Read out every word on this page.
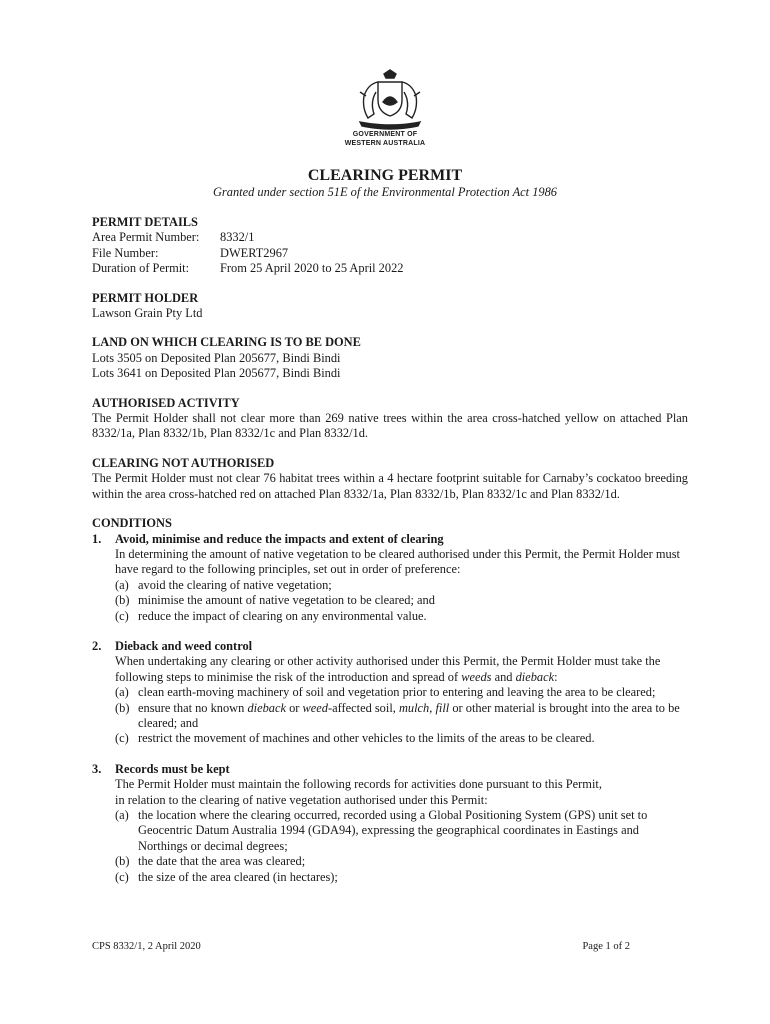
GOVERNMENT OF
WESTERN AUSTRALIA
CLEARING PERMIT
Granted under section 51E of the Environmental Protection Act 1986
PERMIT DETAILS
Area Permit Number:	8332/1
File Number:	DWERT2967
Duration of Permit:	From 25 April 2020 to 25 April 2022
PERMIT HOLDER

Lawson Grain Pty Ltd

LAND ON WHICH CLEARING IS TO BE DONE

Lots 3505 on Deposited Plan 205677, Bindi Bindi

Lots 3641 on Deposited Plan 205677, Bindi Bindi

AUTHORISED ACTIVITY

The Permit Holder shall not clear more than 269 native trees within the area cross-hatched yellow on attached Plan 8332/1a, Plan 8332/1b, Plan 8332/1c and Plan 8332/1d.

CLEARING NOT AUTHORISED

The Permit Holder must not clear 76 habitat trees within a 4 hectare footprint suitable for Carnaby’s cockatoo breeding within the area cross-hatched red on attached Plan 8332/1a, Plan 8332/1b, Plan 8332/1c and Plan 8332/1d.

CONDITIONS
1.	Avoid, minimise and reduce the impacts and extent of clearing

In determining the amount of native vegetation to be cleared authorised under this Permit, the Permit Holder must have regard to the following principles, set out in order of preference:

(a) avoid the clearing of native vegetation;
(b) minimise the amount of native vegetation to be cleared; and
(c) reduce the impact of clearing on any environmental value.
2.	Dieback and weed control

When undertaking any clearing or other activity authorised under this Permit, the Permit Holder must take the following steps to minimise the risk of the introduction and spread of weeds and dieback:

(a) clean earth-moving machinery of soil and vegetation prior to entering and leaving the area to be cleared;
(b) ensure that no known dieback or weed-affected soil, mulch, fill or other material is brought into the area to be cleared; and
(c) restrict the movement of machines and other vehicles to the limits of the areas to be cleared.
3.	Records must be kept

The Permit Holder must maintain the following records for activities done pursuant to this Permit,

in relation to the clearing of native vegetation authorised under this Permit:

(a) the location where the clearing occurred, recorded using a Global Positioning System (GPS) unit set to Geocentric Datum Australia 1994 (GDA94), expressing the geographical coordinates in Eastings and Northings or decimal degrees;
(b) the date that the area was cleared;
(c) the size of the area cleared (in hectares);
CPS 8332/1, 2 April 2020	Page 1 of 2
